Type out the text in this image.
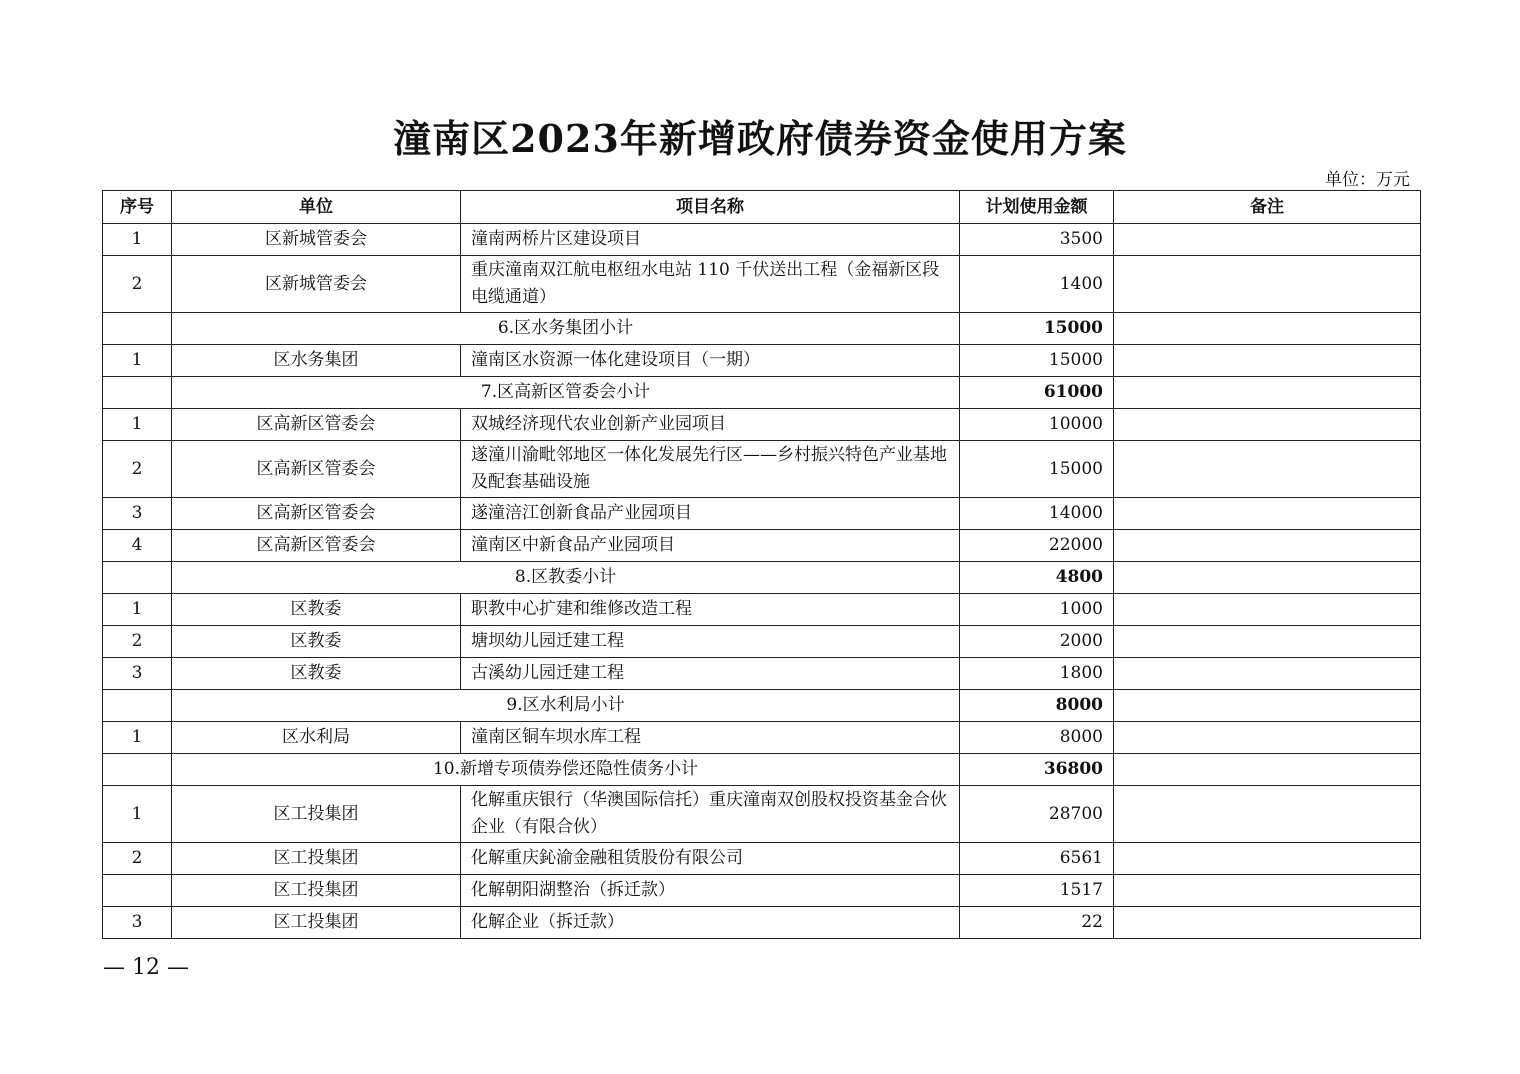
潼南区2023年新增政府债券资金使用方案
单位：万元
序号	单位	项目名称	计划使用金额	备注
1	区新城管委会	潼南两桥片区建设项目	3500	
2	区新城管委会	重庆潼南双江航电枢纽水电站 110 千伏送出工程（金福新区段电缆通道）	1400	
	6.区水务集团小计		15000	
1	区水务集团	潼南区水资源一体化建设项目（一期）	15000	
	7.区高新区管委会小计		61000	
1	区高新区管委会	双城经济现代农业创新产业园项目	10000	
2	区高新区管委会	遂潼川渝毗邻地区一体化发展先行区——乡村振兴特色产业基地及配套基础设施	15000	
3	区高新区管委会	遂潼涪江创新食品产业园项目	14000	
4	区高新区管委会	潼南区中新食品产业园项目	22000	
	8.区教委小计		4800	
1	区教委	职教中心扩建和维修改造工程	1000	
2	区教委	塘坝幼儿园迁建工程	2000	
3	区教委	古溪幼儿园迁建工程	1800	
	9.区水利局小计		8000	
1	区水利局	潼南区铜车坝水库工程	8000	
	10.新增专项债券偿还隐性债务小计		36800	
1	区工投集团	化解重庆银行（华澳国际信托）重庆潼南双创股权投资基金合伙企业（有限合伙）	28700	
2	区工投集团	化解重庆鈊渝金融租赁股份有限公司	6561	
	区工投集团	化解朝阳湖整治（拆迁款）	1517	
3	区工投集团	化解企业（拆迁款）	22	
— 12 —
